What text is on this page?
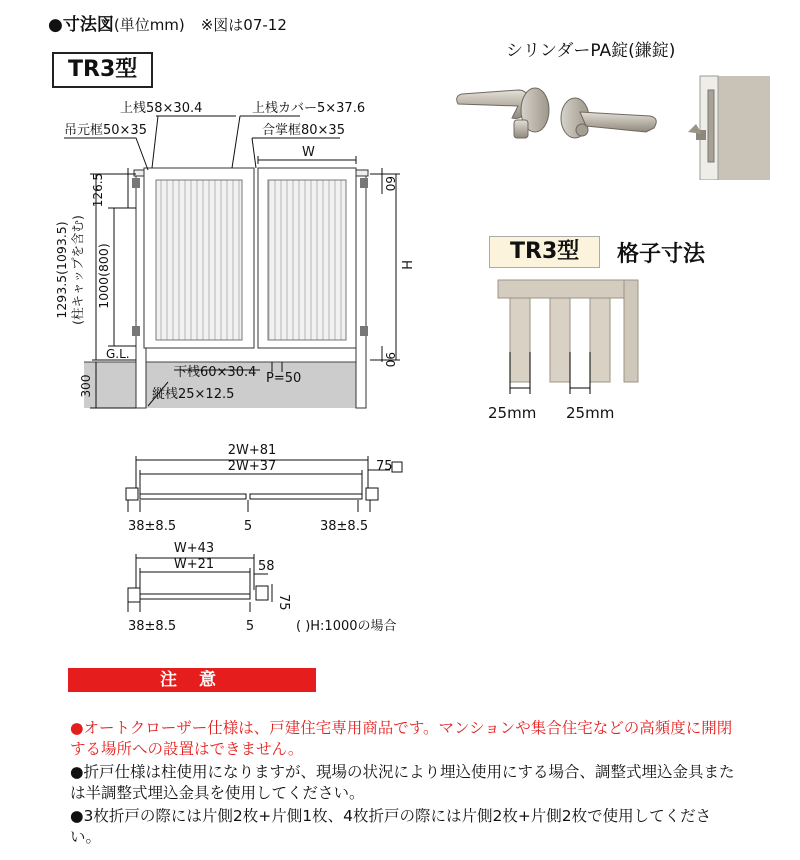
●寸法図(単位mm) ※図は07-12
TR3型
シリンダーPA錠(鎌錠)
TR3型	格子寸法
25mm 25mm
上桟58×30.4	上桟カバー5×37.6
吊元框50×35	合掌框80×35
W
H
126.5	60
1293.5(1093.5) (柱キャップを含む) 1000(800)
G.L.	90
300
下桟60×30.4
縦桟25×12.5
P=50
2W+81
2W+37	75
38±8.5	5	38±8.5
W+43
W+21	58
75
38±8.5	5	( )H:1000の場合
注 意
●オートクローザー仕様は、戸建住宅専用商品です。マンションや集合住宅などの高頻度に開閉する場所への設置はできません。
●折戸仕様は柱使用になりますが、現場の状況により埋込使用にする場合、調整式埋込金具または半調整式埋込金具を使用してください。
●3枚折戸の際には片側2枚+片側1枚、4枚折戸の際には片側2枚+片側2枚で使用してください。
